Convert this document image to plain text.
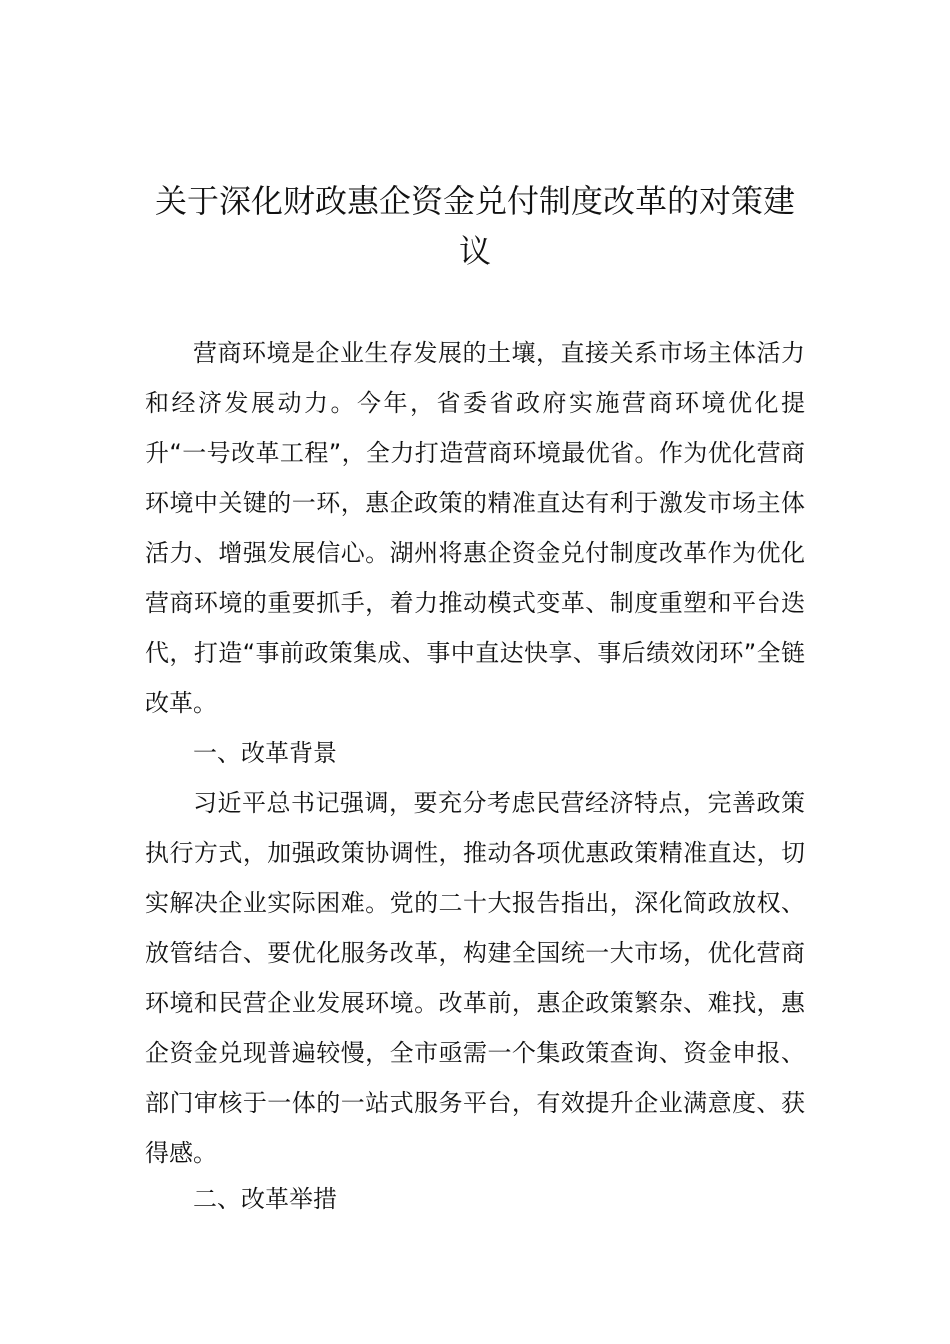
关于深化财政惠企资金兑付制度改革的对策建议

营商环境是企业生存发展的土壤，直接关系市场主体活力和经济发展动力。今年，省委省政府实施营商环境优化提升“一号改革工程”，全力打造营商环境最优省。作为优化营商环境中关键的一环，惠企政策的精准直达有利于激发市场主体活力、增强发展信心。湖州将惠企资金兑付制度改革作为优化营商环境的重要抓手，着力推动模式变革、制度重塑和平台迭代，打造“事前政策集成、事中直达快享、事后绩效闭环”全链改革。

一、改革背景

习近平总书记强调，要充分考虑民营经济特点，完善政策执行方式，加强政策协调性，推动各项优惠政策精准直达，切实解决企业实际困难。党的二十大报告指出，深化简政放权、放管结合、要优化服务改革，构建全国统一大市场，优化营商环境和民营企业发展环境。改革前，惠企政策繁杂、难找，惠企资金兑现普遍较慢，全市亟需一个集政策查询、资金申报、部门审核于一体的一站式服务平台，有效提升企业满意度、获得感。

二、改革举措
